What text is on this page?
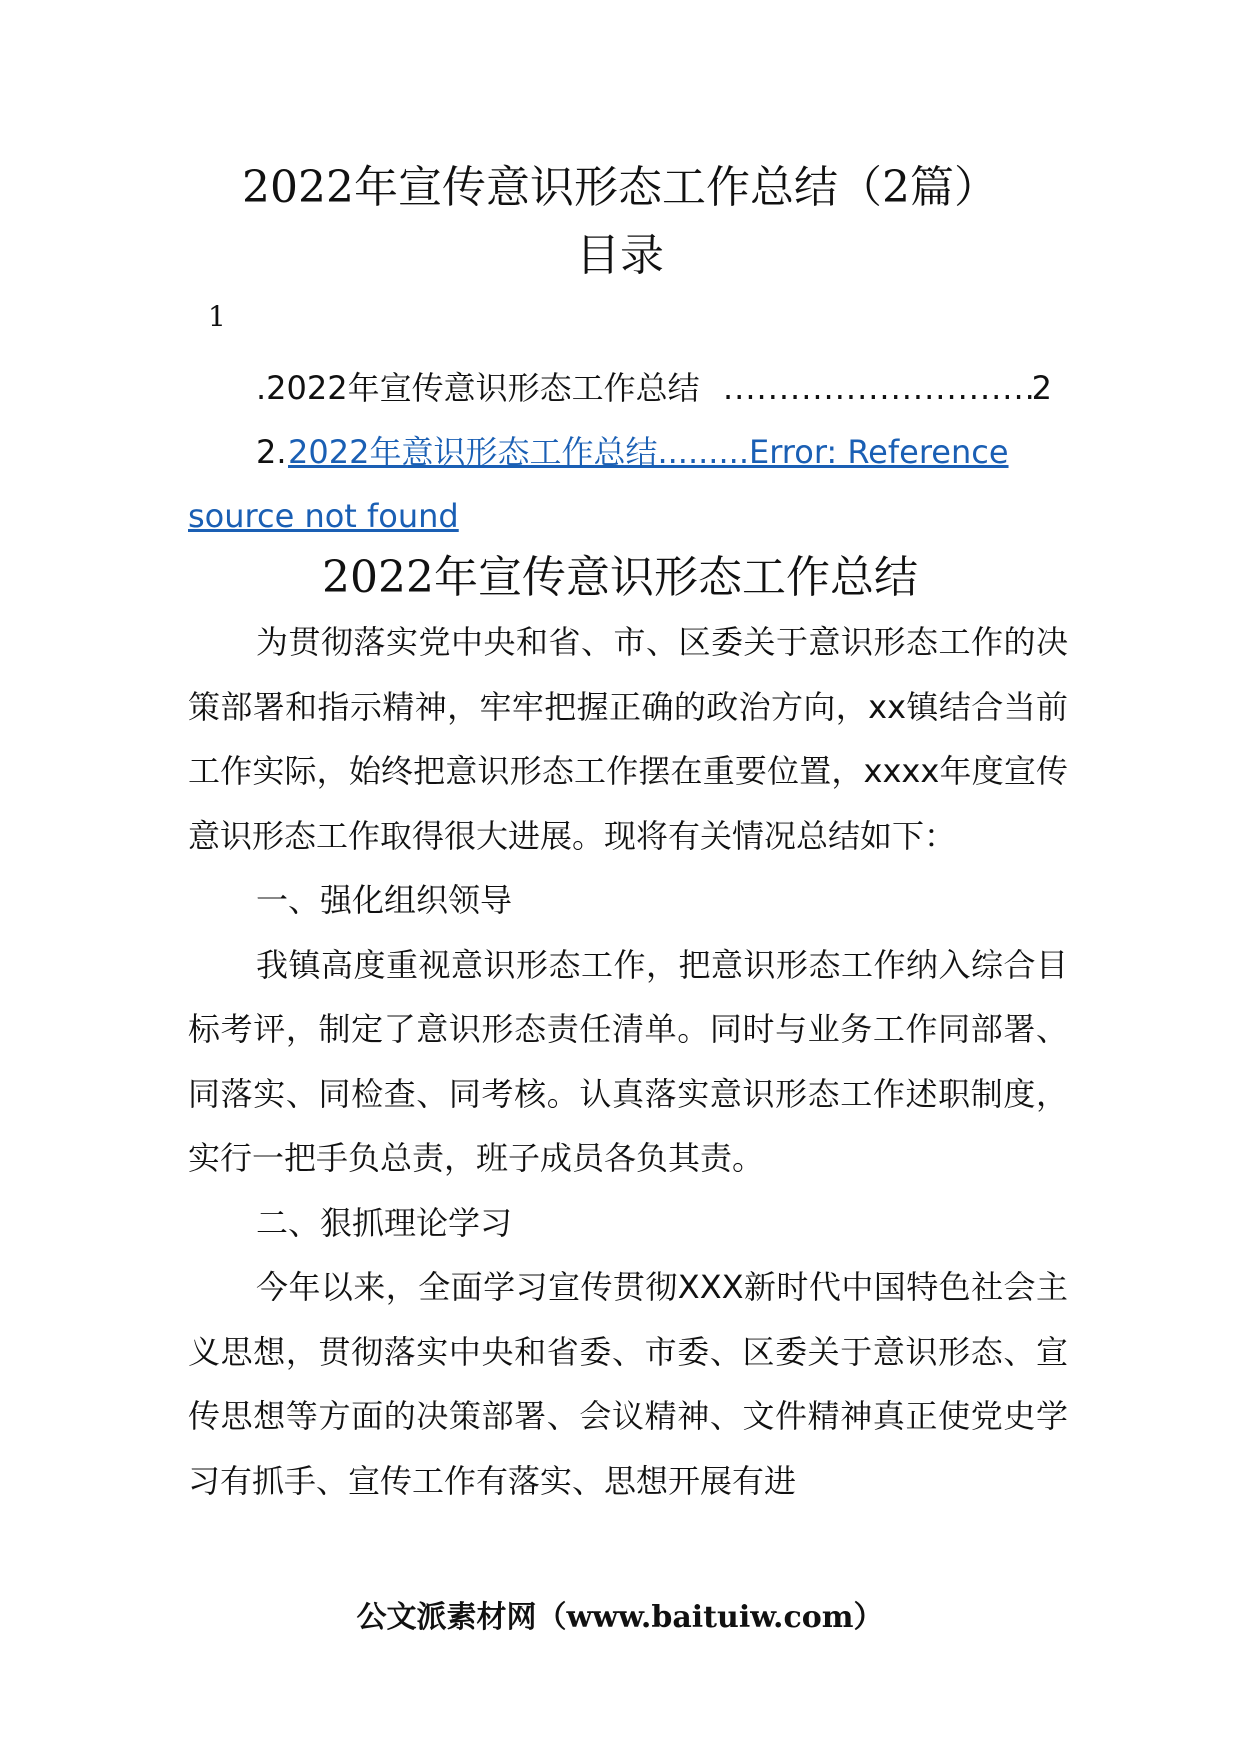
2022年宣传意识形态工作总结（2篇）
目录
1
.2022年宣传意识形态工作总结 ............................
2
2. 2022年意识形态工作总结.........Error: Reference
source not found
2022年宣传意识形态工作总结

为贯彻落实党中央和省、市、区委关于意识形态工作的决策部署和指示精神，牢牢把握正确的政治方向，xx镇结合当前工作实际，始终把意识形态工作摆在重要位置，xxxx年度宣传意识形态工作取得很大进展。现将有关情况总结如下：

一、强化组织领导

我镇高度重视意识形态工作，把意识形态工作纳入综合目标考评，制定了意识形态责任清单。同时与业务工作同部署、同落实、同检查、同考核。认真落实意识形态工作述职制度，实行一把手负总责，班子成员各负其责。

二、狠抓理论学习

今年以来，全面学习宣传贯彻XXX新时代中国特色社会主义思想，贯彻落实中央和省委、市委、区委关于意识形态、宣传思想等方面的决策部署、会议精神、文件精神真正使党史学习有抓手、宣传工作有落实、思想开展有进

公文派素材网（www.baituiw.com）
